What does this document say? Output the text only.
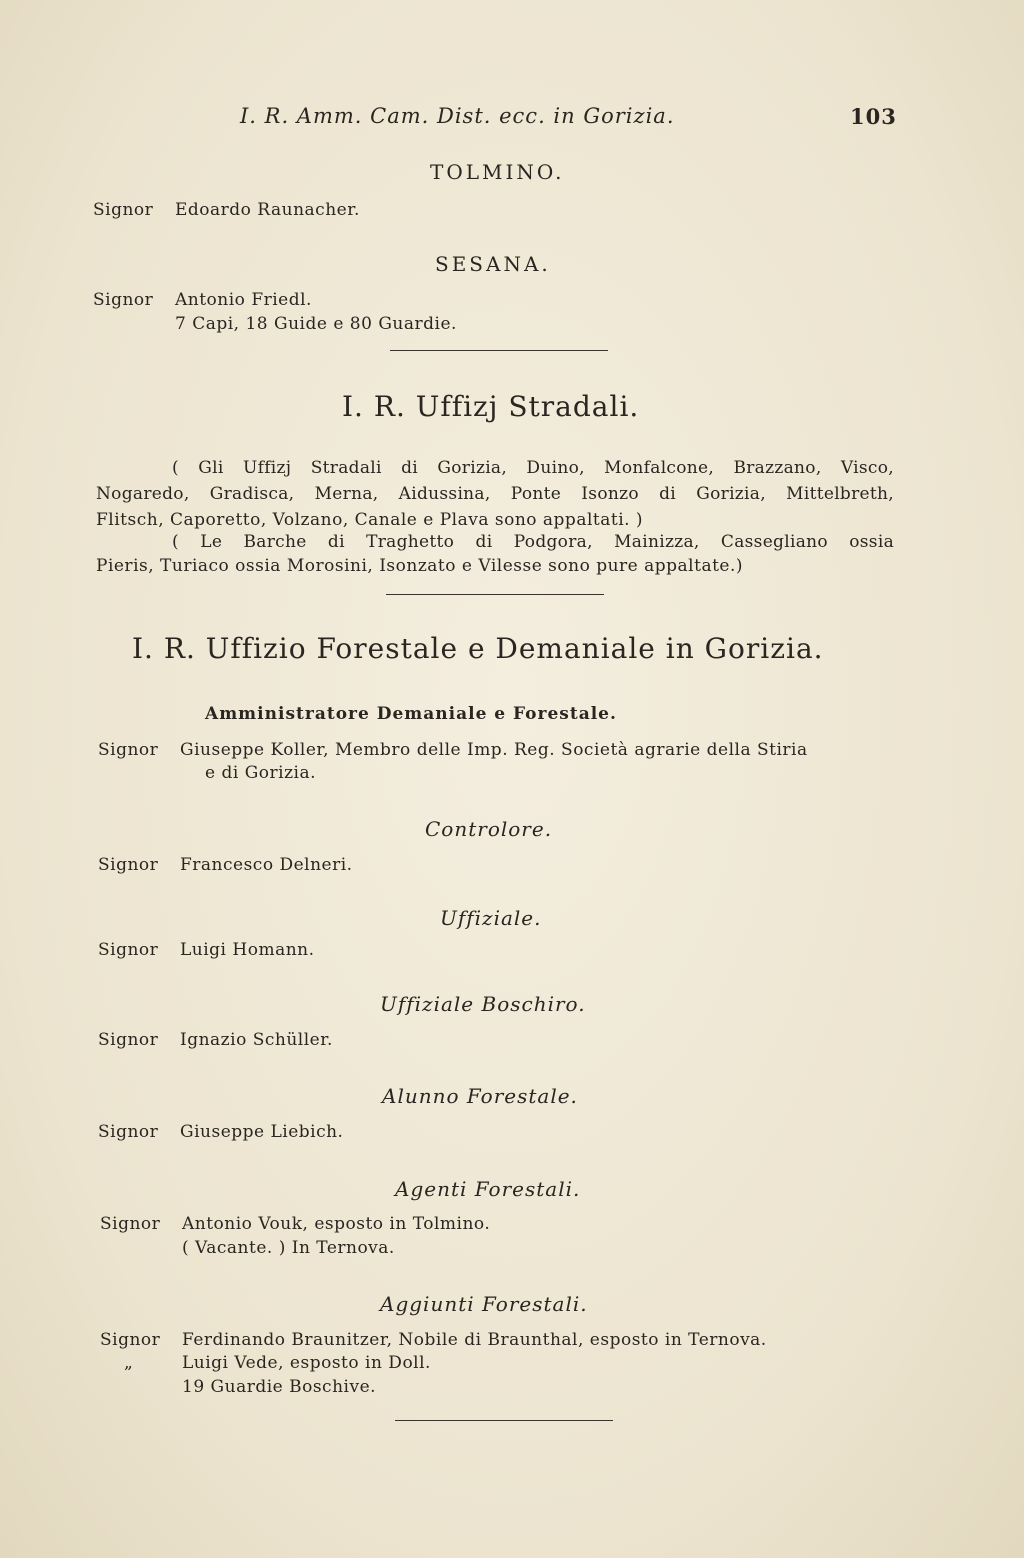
I. R. Amm. Cam. Dist. ecc. in Gorizia.	103
TOLMINO.
Signor Edoardo Raunacher.
SESANA.
Signor Antonio Friedl.
7 Capi, 18 Guide e 80 Guardie.
I. R. Uffizj Stradali.
( Gli Uffizj Stradali di Gorizia, Duino, Monfalcone, Brazzano, Visco,
Nogaredo, Gradisca, Merna, Aidussina, Ponte Isonzo di Gorizia, Mittelbreth,
Flitsch, Caporetto, Volzano, Canale e Plava sono appaltati. )
( Le Barche di Traghetto di Podgora, Mainizza, Cassegliano ossia
Pieris, Turiaco ossia Morosini, Isonzato e Vilesse sono pure appaltate.)
I. R. Uffizio Forestale e Demaniale in Gorizia.
Amministratore Demaniale e Forestale.
Signor Giuseppe Koller, Membro delle Imp. Reg. Società agrarie della Stiria
e di Gorizia.
Controlore.
Signor Francesco Delneri.
Uffiziale.
Signor Luigi Homann.
Uffiziale Boschiro.
Signor Ignazio Schüller.
Alunno Forestale.
Signor Giuseppe Liebich.
Agenti Forestali.
Signor Antonio Vouk, esposto in Tolmino.
( Vacante. ) In Ternova.
Aggiunti Forestali.
Signor Ferdinando Braunitzer, Nobile di Braunthal, esposto in Ternova.
„	Luigi Vede, esposto in Doll.
19 Guardie Boschive.
